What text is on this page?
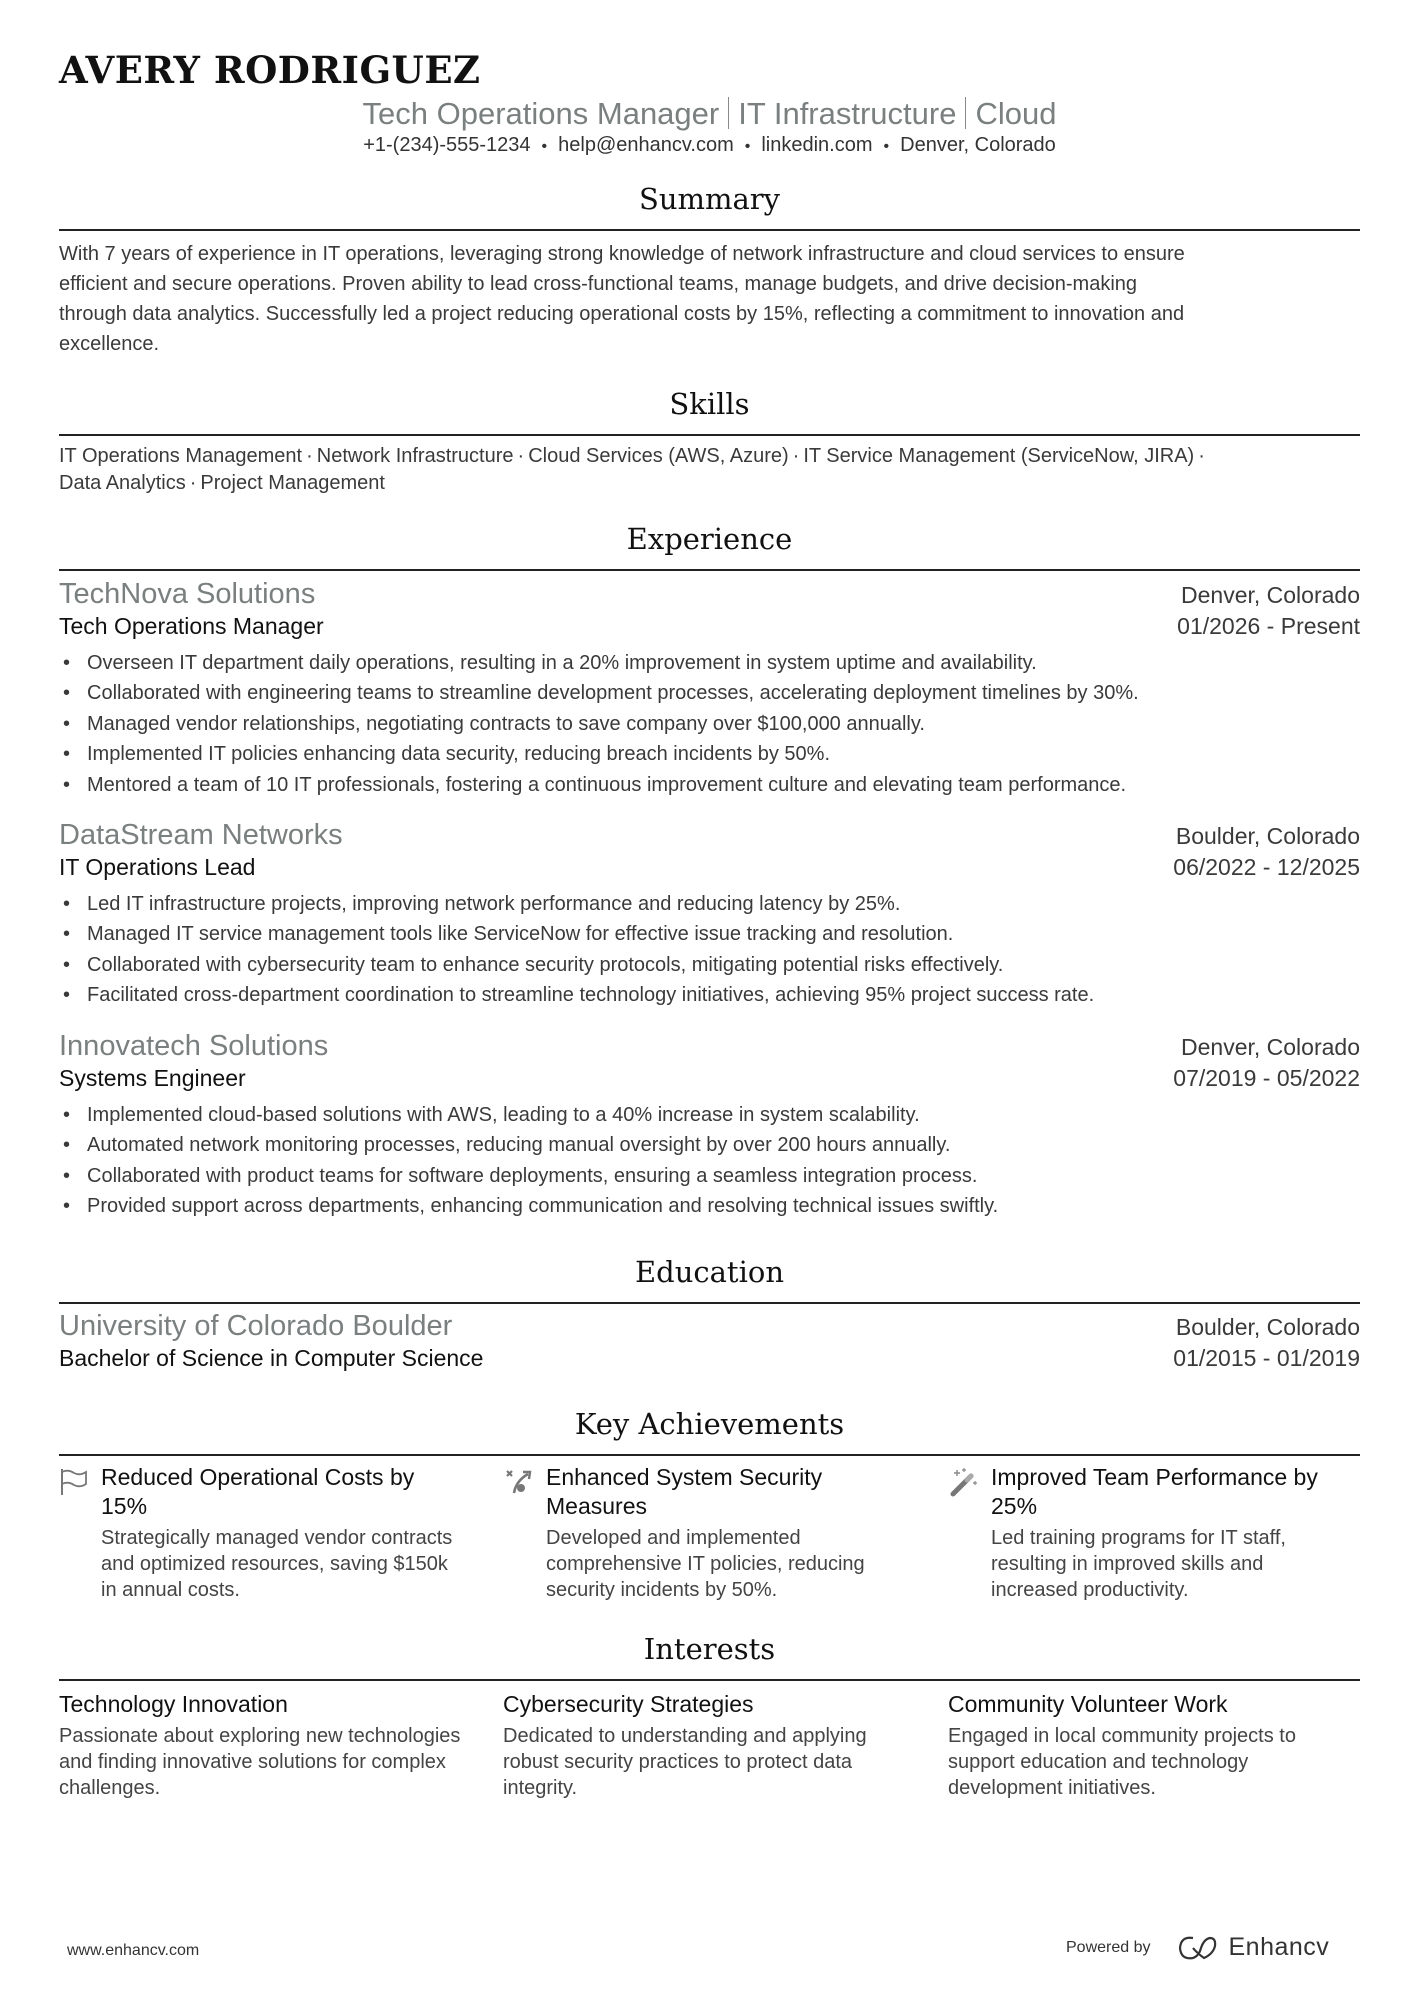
AVERY RODRIGUEZ
Tech Operations Manager IT Infrastructure Cloud
+1-(234)-555-1234 • help@enhancv.com • linkedin.com • Denver, Colorado
Summary
With 7 years of experience in IT operations, leveraging strong knowledge of network infrastructure and cloud services to ensure
efficient and secure operations. Proven ability to lead cross-functional teams, manage budgets, and drive decision-making
through data analytics. Successfully led a project reducing operational costs by 15%, reflecting a commitment to innovation and
excellence.
Skills
IT Operations Management · Network Infrastructure · Cloud Services (AWS, Azure) · IT Service Management (ServiceNow, JIRA) ·
Data Analytics · Project Management
Experience
TechNova Solutions	Denver, Colorado
Tech Operations Manager	01/2026 - Present
• Overseen IT department daily operations, resulting in a 20% improvement in system uptime and availability.
• Collaborated with engineering teams to streamline development processes, accelerating deployment timelines by 30%.
• Managed vendor relationships, negotiating contracts to save company over $100,000 annually.
• Implemented IT policies enhancing data security, reducing breach incidents by 50%.
• Mentored a team of 10 IT professionals, fostering a continuous improvement culture and elevating team performance.
DataStream Networks	Boulder, Colorado
IT Operations Lead	06/2022 - 12/2025
• Led IT infrastructure projects, improving network performance and reducing latency by 25%.
• Managed IT service management tools like ServiceNow for effective issue tracking and resolution.
• Collaborated with cybersecurity team to enhance security protocols, mitigating potential risks effectively.
• Facilitated cross-department coordination to streamline technology initiatives, achieving 95% project success rate.
Innovatech Solutions	Denver, Colorado
Systems Engineer	07/2019 - 05/2022
• Implemented cloud-based solutions with AWS, leading to a 40% increase in system scalability.
• Automated network monitoring processes, reducing manual oversight by over 200 hours annually.
• Collaborated with product teams for software deployments, ensuring a seamless integration process.
• Provided support across departments, enhancing communication and resolving technical issues swiftly.
Education
University of Colorado Boulder	Boulder, Colorado
Bachelor of Science in Computer Science	01/2015 - 01/2019
Key Achievements
Reduced Operational Costs by 15%
Strategically managed vendor contracts and optimized resources, saving $150k in annual costs.
Enhanced System Security Measures
Developed and implemented comprehensive IT policies, reducing security incidents by 50%.
Improved Team Performance by 25%
Led training programs for IT staff, resulting in improved skills and increased productivity.
Interests
Technology Innovation
Passionate about exploring new technologies and finding innovative solutions for complex challenges.
Cybersecurity Strategies
Dedicated to understanding and applying robust security practices to protect data integrity.
Community Volunteer Work
Engaged in local community projects to support education and technology development initiatives.
www.enhancv.com	Powered by	Enhancv
